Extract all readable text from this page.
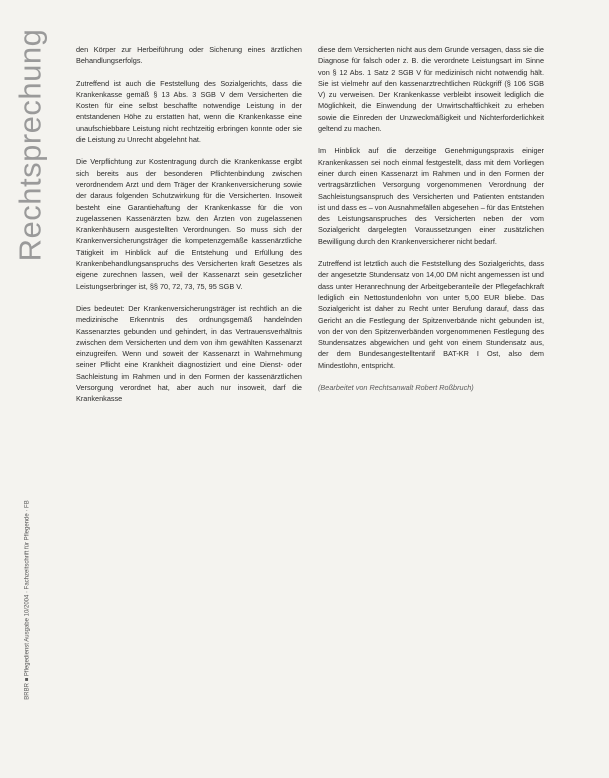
Rechtsprechung
BRBR ■ Pflegedienst Ausgabe 10/2004 · Fachzeitschrift für Pflegende · FB

den Körper zur Herbeiführung oder Sicherung eines ärztlichen Behandlungserfolgs.

Zutreffend ist auch die Feststellung des Sozialgerichts, dass die Krankenkasse gemäß § 13 Abs. 3 SGB V dem Versicherten die Kosten für eine selbst beschaffte notwendige Leistung in der entstandenen Höhe zu erstatten hat, wenn die Krankenkasse eine unaufschiebbare Leistung nicht rechtzeitig erbringen konnte oder sie die Leistung zu Unrecht abgelehnt hat.

Die Verpflichtung zur Kostentragung durch die Krankenkasse ergibt sich bereits aus der besonderen Pflichtenbindung zwischen verordnendem Arzt und dem Träger der Krankenversicherung sowie der daraus folgenden Schutzwirkung für die Versicherten. Insoweit besteht eine Garantiehaftung der Krankenkasse für die von zugelassenen Kassenärzten bzw. den Ärzten von zugelassenen Krankenhäusern ausgestellten Verordnungen. So muss sich der Krankenversicherungsträger die kompetenzgemäße kassenärztliche Tätigkeit im Hinblick auf die Entstehung und Erfüllung des Krankenbehandlungsanspruchs des Versicherten kraft Gesetzes als eigene zurechnen lassen, weil der Kassenarzt sein gesetzlicher Leistungserbringer ist, §§ 70, 72, 73, 75, 95 SGB V.

Dies bedeutet: Der Krankenversicherungsträger ist rechtlich an die medizinische Erkenntnis des ordnungsgemäß handelnden Kassenarztes gebunden und gehindert, in das Vertrauensverhältnis zwischen dem Versicherten und dem von ihm gewählten Kassenarzt einzugreifen. Wenn und soweit der Kassenarzt in Wahrnehmung seiner Pflicht eine Krankheit diagnostiziert und eine Dienst- oder Sachleistung im Rahmen und in den Formen der kassenärztlichen Versorgung verordnet hat, aber auch nur insoweit, darf die Krankenkasse

diese dem Versicherten nicht aus dem Grunde versagen, dass sie die Diagnose für falsch oder z. B. die verordnete Leistungsart im Sinne von § 12 Abs. 1 Satz 2 SGB V für medizinisch nicht notwendig hält. Sie ist vielmehr auf den kassenarztrechtlichen Rückgriff (§ 106 SGB V) zu verweisen. Der Krankenkasse verbleibt insoweit lediglich die Möglichkeit, die Einwendung der Unwirtschaftlichkeit zu erheben sowie die Einreden der Unzweckmäßigkeit und Nichterforderlichkeit geltend zu machen.

Im Hinblick auf die derzeitige Genehmigungspraxis einiger Krankenkassen sei noch einmal festgestellt, dass mit dem Vorliegen einer durch einen Kassenarzt im Rahmen und in den Formen der vertragsärztlichen Versorgung vorgenommenen Verordnung der Sachleistungsanspruch des Versicherten und Patienten entstanden ist und dass es – von Ausnahmefällen abgesehen – für das Entstehen des Leistungsanspruches des Versicherten neben der vom Sozialgericht dargelegten Voraussetzungen einer zusätzlichen Bewilligung durch den Krankenversicherer nicht bedarf.

Zutreffend ist letztlich auch die Feststellung des Sozialgerichts, dass der angesetzte Stundensatz von 14,00 DM nicht angemessen ist und dass unter Heranrechnung der Arbeitgeberanteile der Pflegefachkraft lediglich ein Nettostundenlohn von unter 5,00 EUR bliebe. Das Sozialgericht ist daher zu Recht unter Berufung darauf, dass das Gericht an die Festlegung der Spitzenverbände nicht gebunden ist, von der von den Spitzenverbänden vorgenommenen Festlegung des Stundensatzes abgewichen und geht von einem Stundensatz aus, der dem Bundesangestelltentarif BAT-KR I Ost, also dem Mindestlohn, entspricht.

(Bearbeitet von Rechtsanwalt Robert Roßbruch)
